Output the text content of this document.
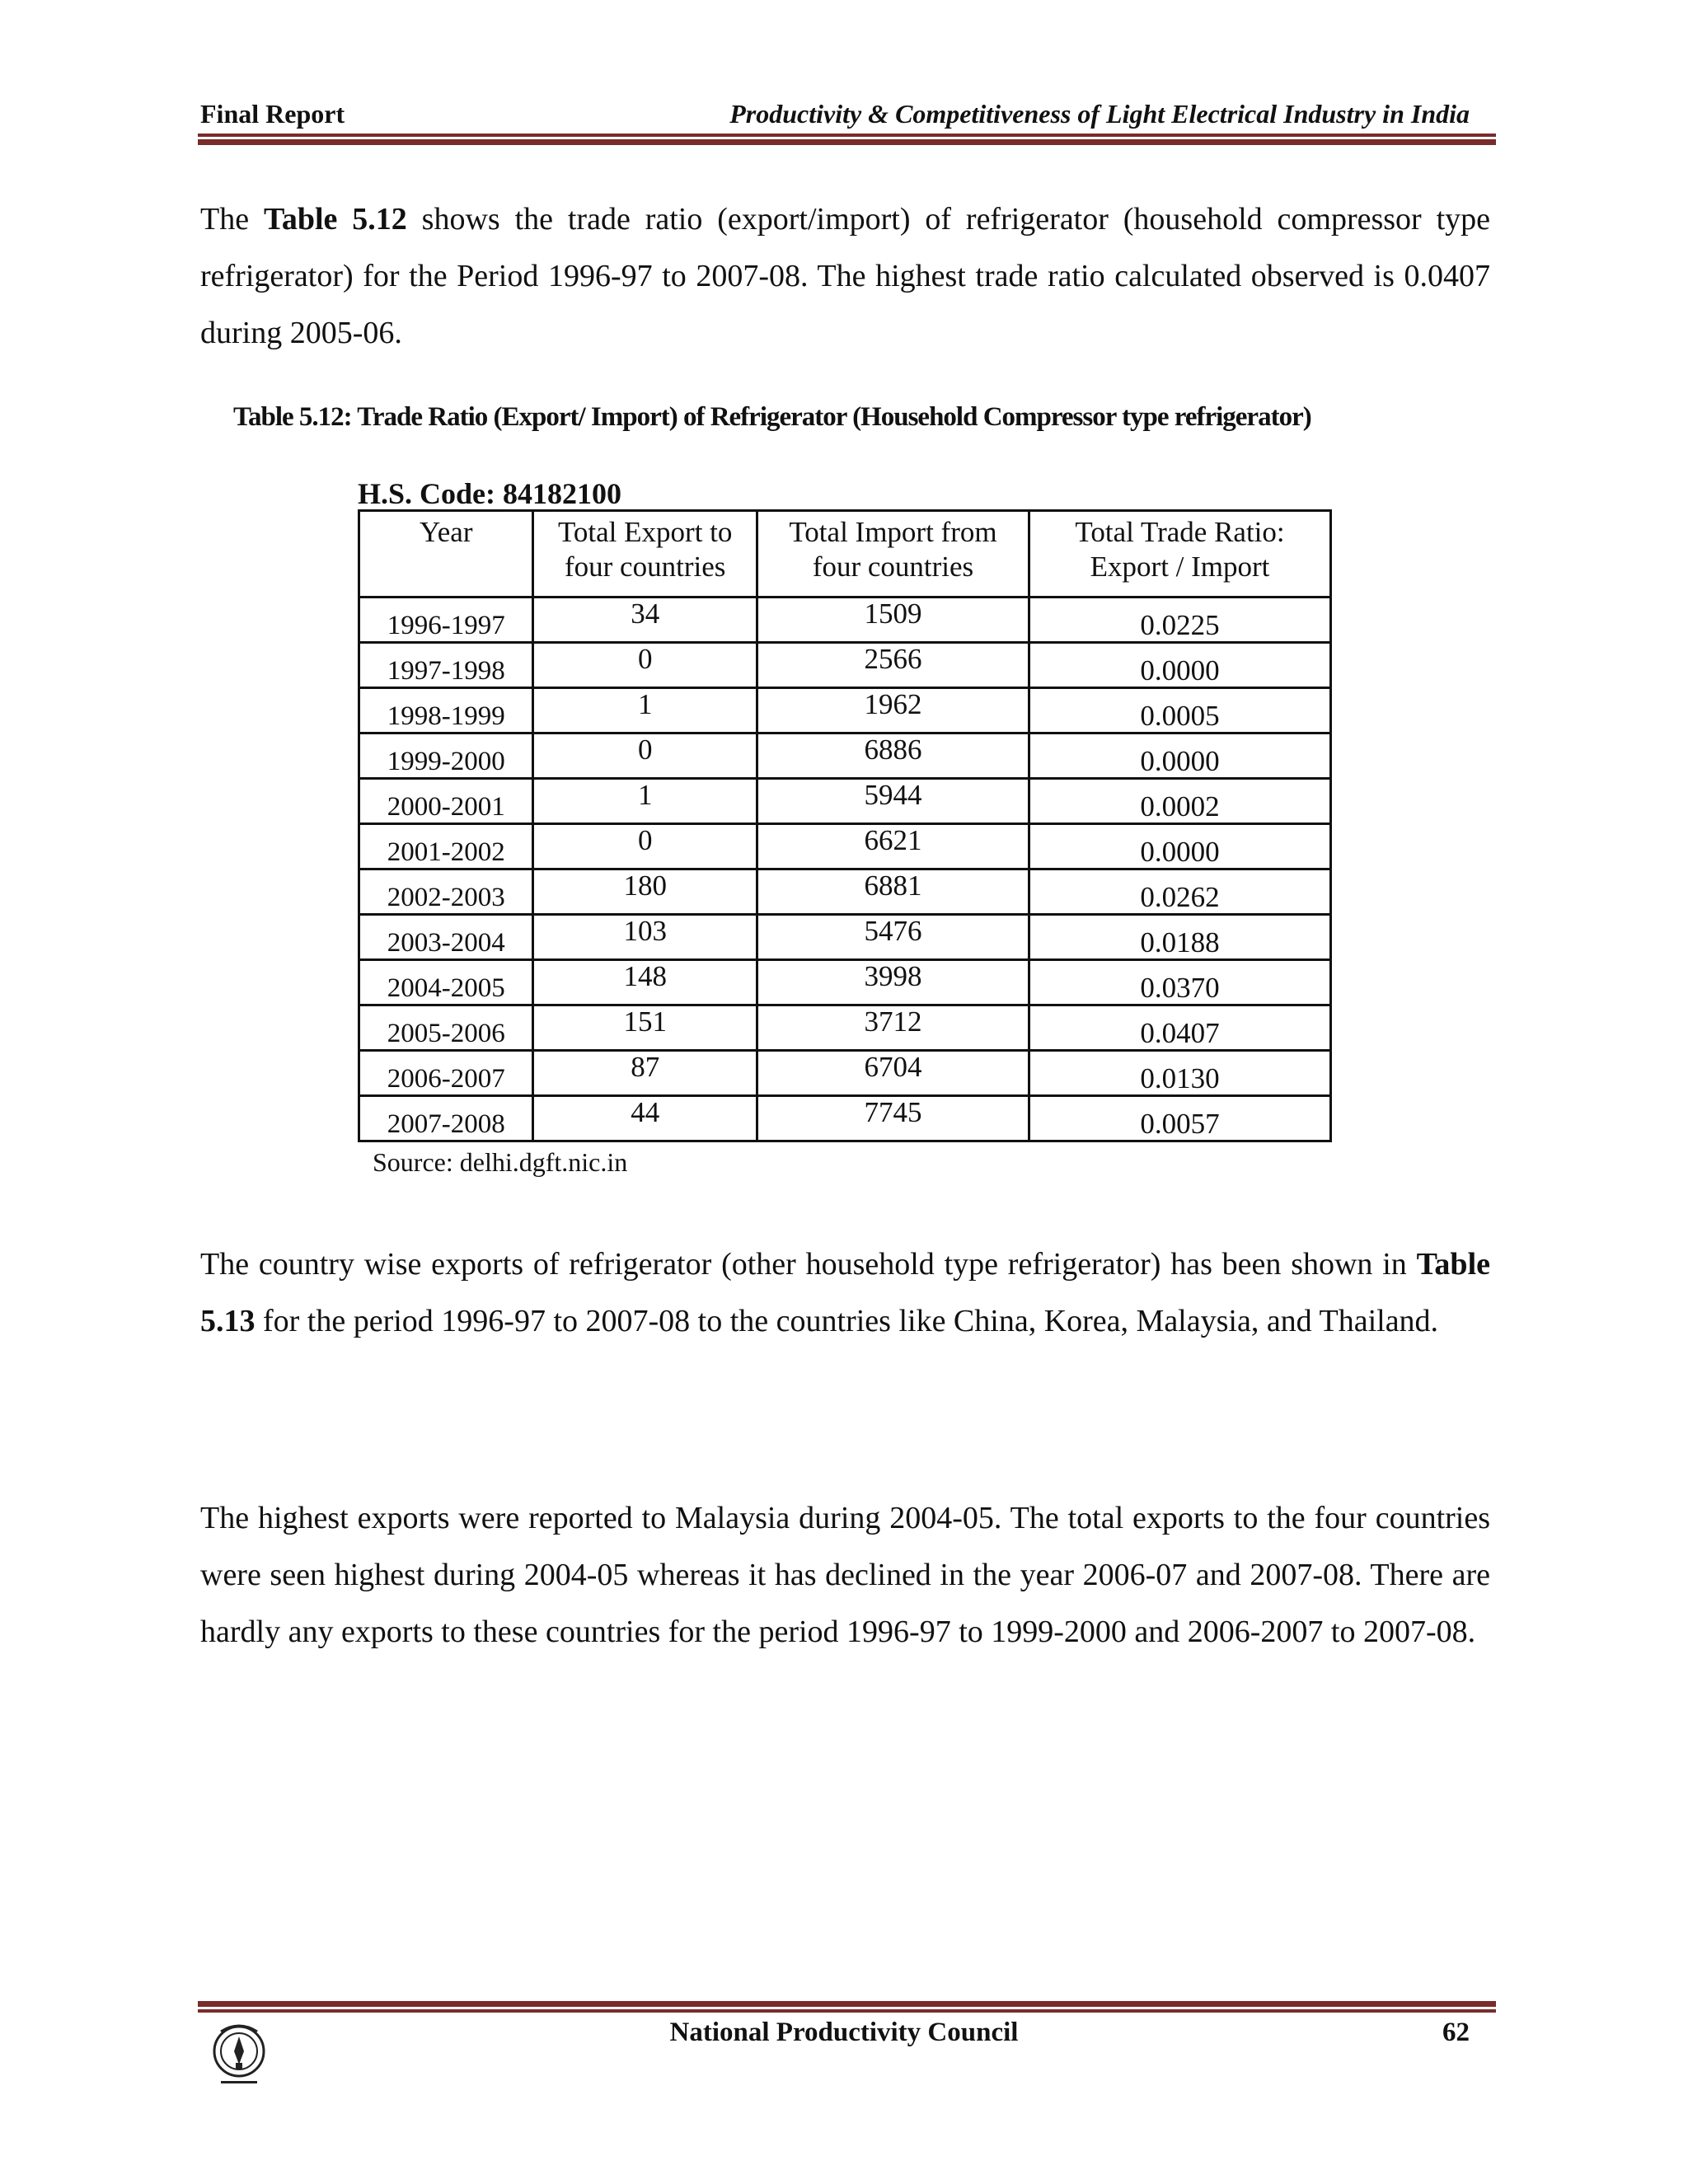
Final Report	Productivity & Competitiveness of Light Electrical Industry in India
The Table 5.12 shows the trade ratio (export/import) of refrigerator (household compressor type refrigerator) for the Period 1996-97 to 2007-08. The highest trade ratio calculated observed is 0.0407 during 2005-06.
Table 5.12: Trade Ratio (Export/ Import) of Refrigerator (Household Compressor type refrigerator)
H.S. Code: 84182100
Year	Total Export to four countries	Total Import from four countries	Total Trade Ratio: Export / Import
1996-1997	34	1509	0.0225
1997-1998	0	2566	0.0000
1998-1999	1	1962	0.0005
1999-2000	0	6886	0.0000
2000-2001	1	5944	0.0002
2001-2002	0	6621	0.0000
2002-2003	180	6881	0.0262
2003-2004	103	5476	0.0188
2004-2005	148	3998	0.0370
2005-2006	151	3712	0.0407
2006-2007	87	6704	0.0130
2007-2008	44	7745	0.0057
Source: delhi.dgft.nic.in
The country wise exports of refrigerator (other household type refrigerator) has been shown in Table 5.13 for the period 1996-97 to 2007-08 to the countries like China, Korea, Malaysia, and Thailand.
The highest exports were reported to Malaysia during 2004-05. The total exports to the four countries were seen highest during 2004-05 whereas it has declined in the year 2006-07 and 2007-08. There are hardly any exports to these countries for the period 1996-97 to 1999-2000 and 2006-2007 to 2007-08.
National Productivity Council	62
